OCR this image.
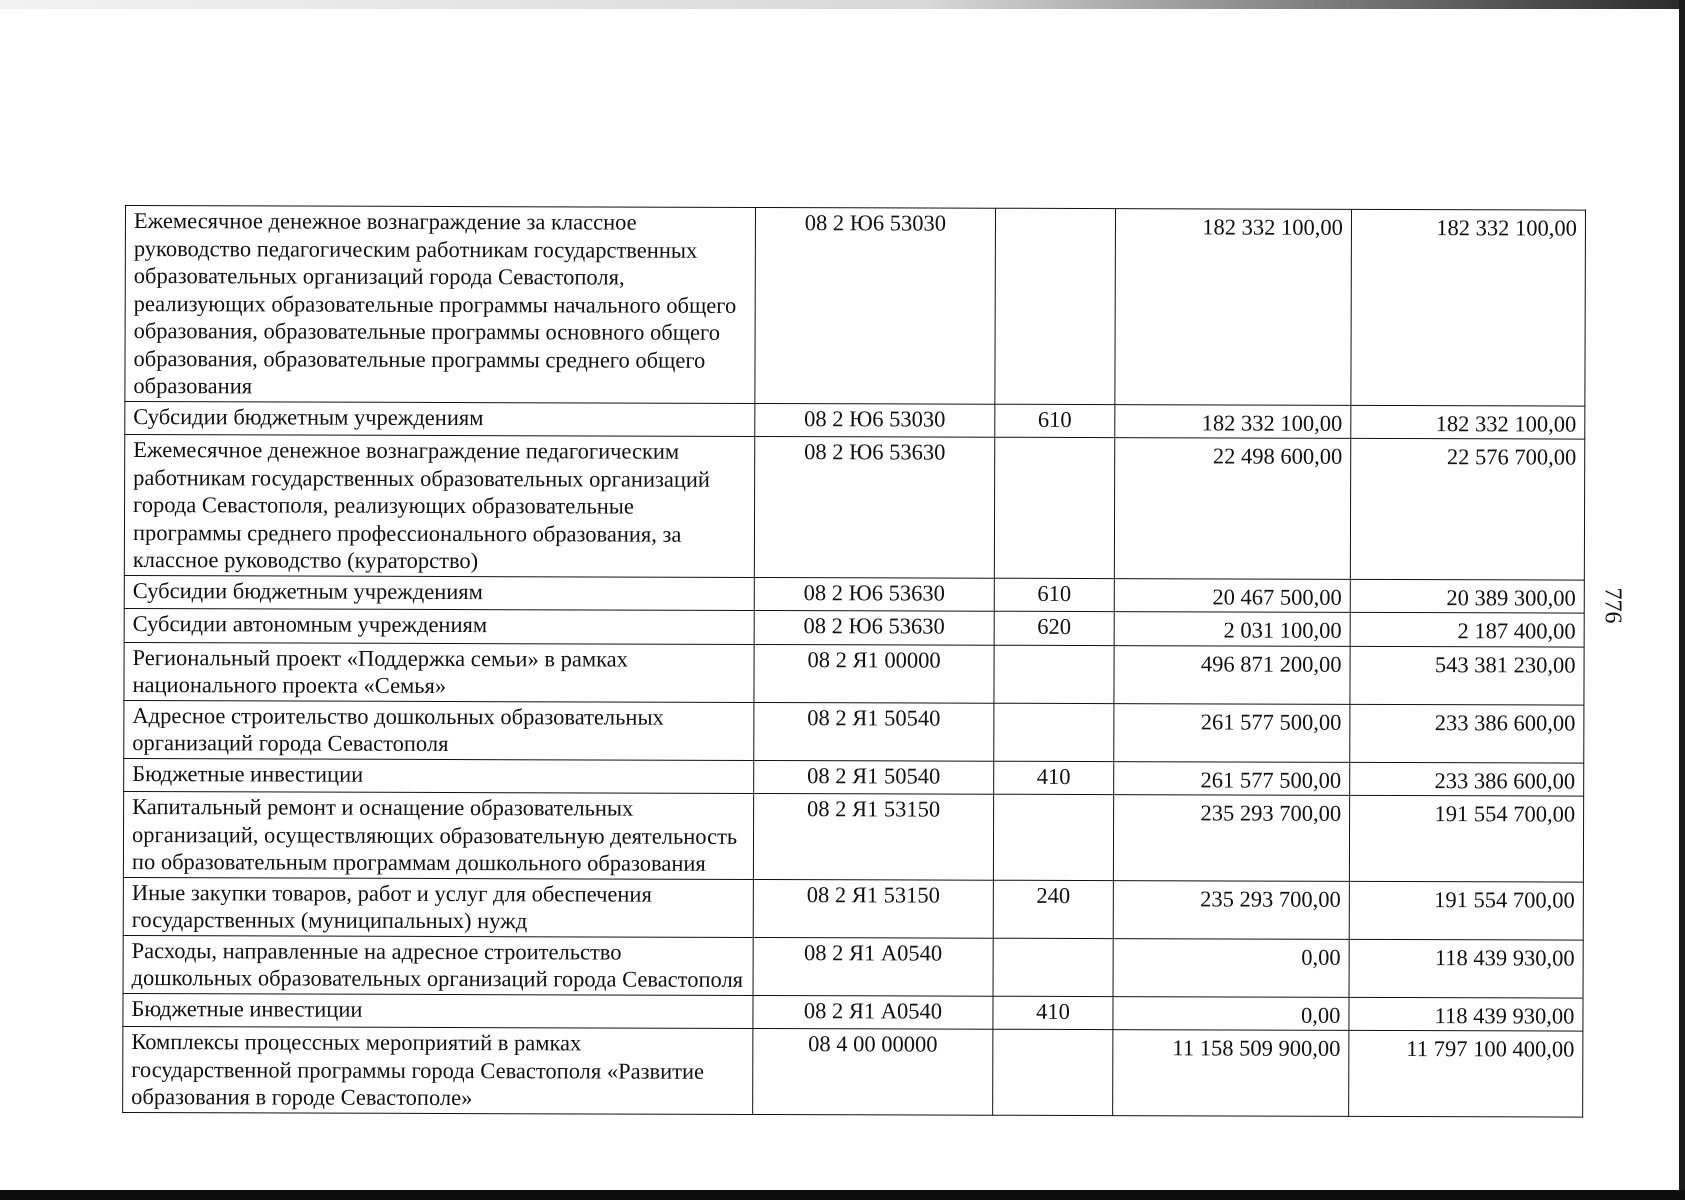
776
Ежемесячное денежное вознаграждение за классное руководство педагогическим работникам государственных образовательных организаций города Севастополя, реализующих образовательные программы начального общего образования, образовательные программы основного общего образования, образовательные программы среднего общего образования	08 2 Ю6 53030		182 332 100,00	182 332 100,00
Субсидии бюджетным учреждениям	08 2 Ю6 53030	610	182 332 100,00	182 332 100,00
Ежемесячное денежное вознаграждение педагогическим работникам государственных образовательных организаций города Севастополя, реализующих образовательные программы среднего профессионального образования, за классное руководство (кураторство)	08 2 Ю6 53630		22 498 600,00	22 576 700,00
Субсидии бюджетным учреждениям	08 2 Ю6 53630	610	20 467 500,00	20 389 300,00
Субсидии автономным учреждениям	08 2 Ю6 53630	620	2 031 100,00	2 187 400,00
Региональный проект «Поддержка семьи» в рамках национального проекта «Семья»	08 2 Я1 00000		496 871 200,00	543 381 230,00
Адресное строительство дошкольных образовательных организаций города Севастополя	08 2 Я1 50540		261 577 500,00	233 386 600,00
Бюджетные инвестиции	08 2 Я1 50540	410	261 577 500,00	233 386 600,00
Капитальный ремонт и оснащение образовательных организаций, осуществляющих образовательную деятельность по образовательным программам дошкольного образования	08 2 Я1 53150		235 293 700,00	191 554 700,00
Иные закупки товаров, работ и услуг для обеспечения государственных (муниципальных) нужд	08 2 Я1 53150	240	235 293 700,00	191 554 700,00
Расходы, направленные на адресное строительство дошкольных образовательных организаций города Севастополя	08 2 Я1 А0540		0,00	118 439 930,00
Бюджетные инвестиции	08 2 Я1 А0540	410	0,00	118 439 930,00
Комплексы процессных мероприятий в рамках государственной программы города Севастополя «Развитие образования в городе Севастополе»	08 4 00 00000		11 158 509 900,00	11 797 100 400,00
